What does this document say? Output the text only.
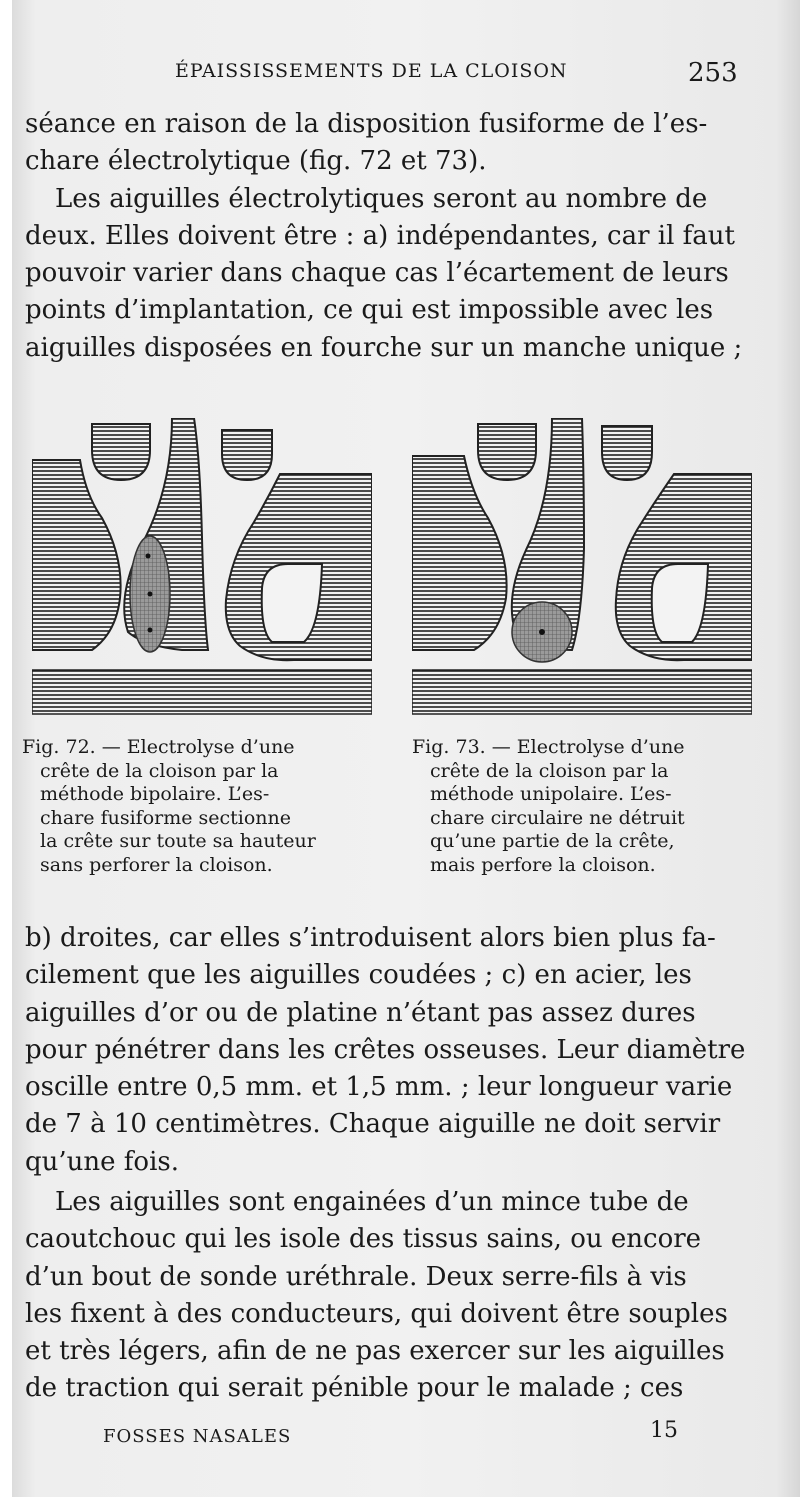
ÉPAISSISSEMENTS DE LA CLOISON	253
séance en raison de la disposition fusiforme de l’es-
chare électrolytique (fig. 72 et 73).
Les aiguilles électrolytiques seront au nombre de
deux. Elles doivent être : a) indépendantes, car il faut
pouvoir varier dans chaque cas l’écartement de leurs
points d’implantation, ce qui est impossible avec les
aiguilles disposées en fourche sur un manche unique ;
Fig. 72. — Electrolyse d’une
crête de la cloison par la
méthode bipolaire. L’es-
chare fusiforme sectionne
la crête sur toute sa hauteur
sans perforer la cloison.
Fig. 73. — Electrolyse d’une
crête de la cloison par la
méthode unipolaire. L’es-
chare circulaire ne détruit
qu’une partie de la crête,
mais perfore la cloison.
b) droites, car elles s’introduisent alors bien plus fa-
cilement que les aiguilles coudées ; c) en acier, les
aiguilles d’or ou de platine n’étant pas assez dures
pour pénétrer dans les crêtes osseuses. Leur diamètre
oscille entre 0,5 mm. et 1,5 mm. ; leur longueur varie
de 7 à 10 centimètres. Chaque aiguille ne doit servir
qu’une fois.
Les aiguilles sont engainées d’un mince tube de
caoutchouc qui les isole des tissus sains, ou encore
d’un bout de sonde uréthrale. Deux serre-fils à vis
les fixent à des conducteurs, qui doivent être souples
et très légers, afin de ne pas exercer sur les aiguilles
de traction qui serait pénible pour le malade ; ces
FOSSES NASALES	15
